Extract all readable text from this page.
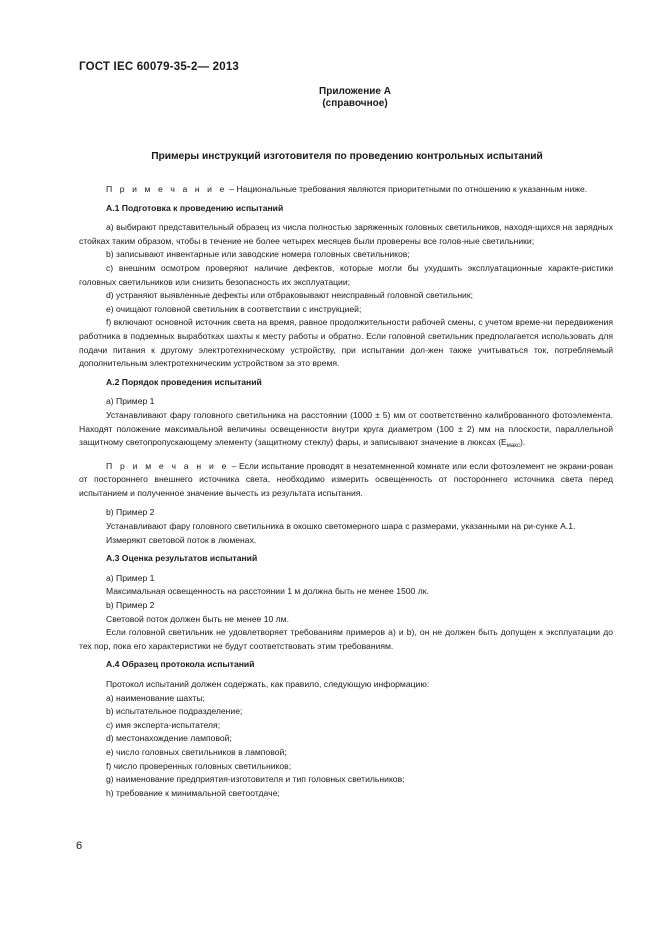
ГОСТ IEC 60079-35-2— 2013
Приложение А
(справочное)
Примеры инструкций изготовителя по проведению контрольных испытаний

П р и м е ч а н и е – Национальные требования являются приоритетными по отношению к указанным ниже.

А.1 Подготовка к проведению испытаний

а) выбирают представительный образец из числа полностью заряженных головных светильников, находя-щихся на зарядных стойках таким образом, чтобы в течение не более четырех месяцев были проверены все голов-ные светильники;

b) записывают инвентарные или заводские номера головных светильников;

с) внешним осмотром проверяют наличие дефектов, которые могли бы ухудшить эксплуатационные характе-ристики головных светильников или снизить безопасность их эксплуатации;

d) устраняют выявленные дефекты или отбраковывают неисправный головной светильник;

е) очищают головной светильник в соответствии с инструкцией;

f) включают основной источник света на время, равное продолжительности рабочей смены, с учетом време-ни передвижения работника в подземных выработках шахты к месту работы и обратно. Если головной светильник предполагается использовать для подачи питания к другому электротехническому устройству, при испытании дол-жен также учитываться ток, потребляемый дополнительным электротехническим устройством за это время.

А.2 Порядок проведения испытаний

а) Пример 1

Устанавливают фару головного светильника на расстоянии (1000 ± 5) мм от соответственно калиброванного фотоэлемента. Находят положение максимальной величины освещенности внутри круга диаметром (100 ± 2) мм на плоскости, параллельной защитному светопропускающему элементу (защитному стеклу) фары, и записывают значение в люксах $(E_{макс})$.

П р и м е ч а н и е – Если испытание проводят в незатемненной комнате или если фотоэлемент не экрани-рован от постороннего внешнего источника света, необходимо измерить освещенность от постороннего источника света перед испытанием и полученное значение вычесть из результата испытания.

b) Пример 2

Устанавливают фару головного светильника в окошко светомерного шара с размерами, указанными на ри-сунке А.1.

Измеряют световой поток в люменах.

А.3 Оценка результатов испытаний

а) Пример 1

Максимальная освещенность на расстоянии 1 м должна быть не менее 1500 лк.

b) Пример 2

Световой поток должен быть не менее 10 лм.

Если головной светильник не удовлетворяет требованиям примеров а) и b), он не должен быть допущен к эксплуатации до тех пор, пока его характеристики не будут соответствовать этим требованиям.

А.4 Образец протокола испытаний

Протокол испытаний должен содержать, как правило, следующую информацию:

а) наименование шахты;

b) испытательное подразделение;

с) имя эксперта-испытателя;

d) местонахождение ламповой;

е) число головных светильников в ламповой;

f) число проверенных головных светильников;

g) наименование предприятия-изготовителя и тип головных светильников;

h) требование к минимальной светоотдаче;

6
